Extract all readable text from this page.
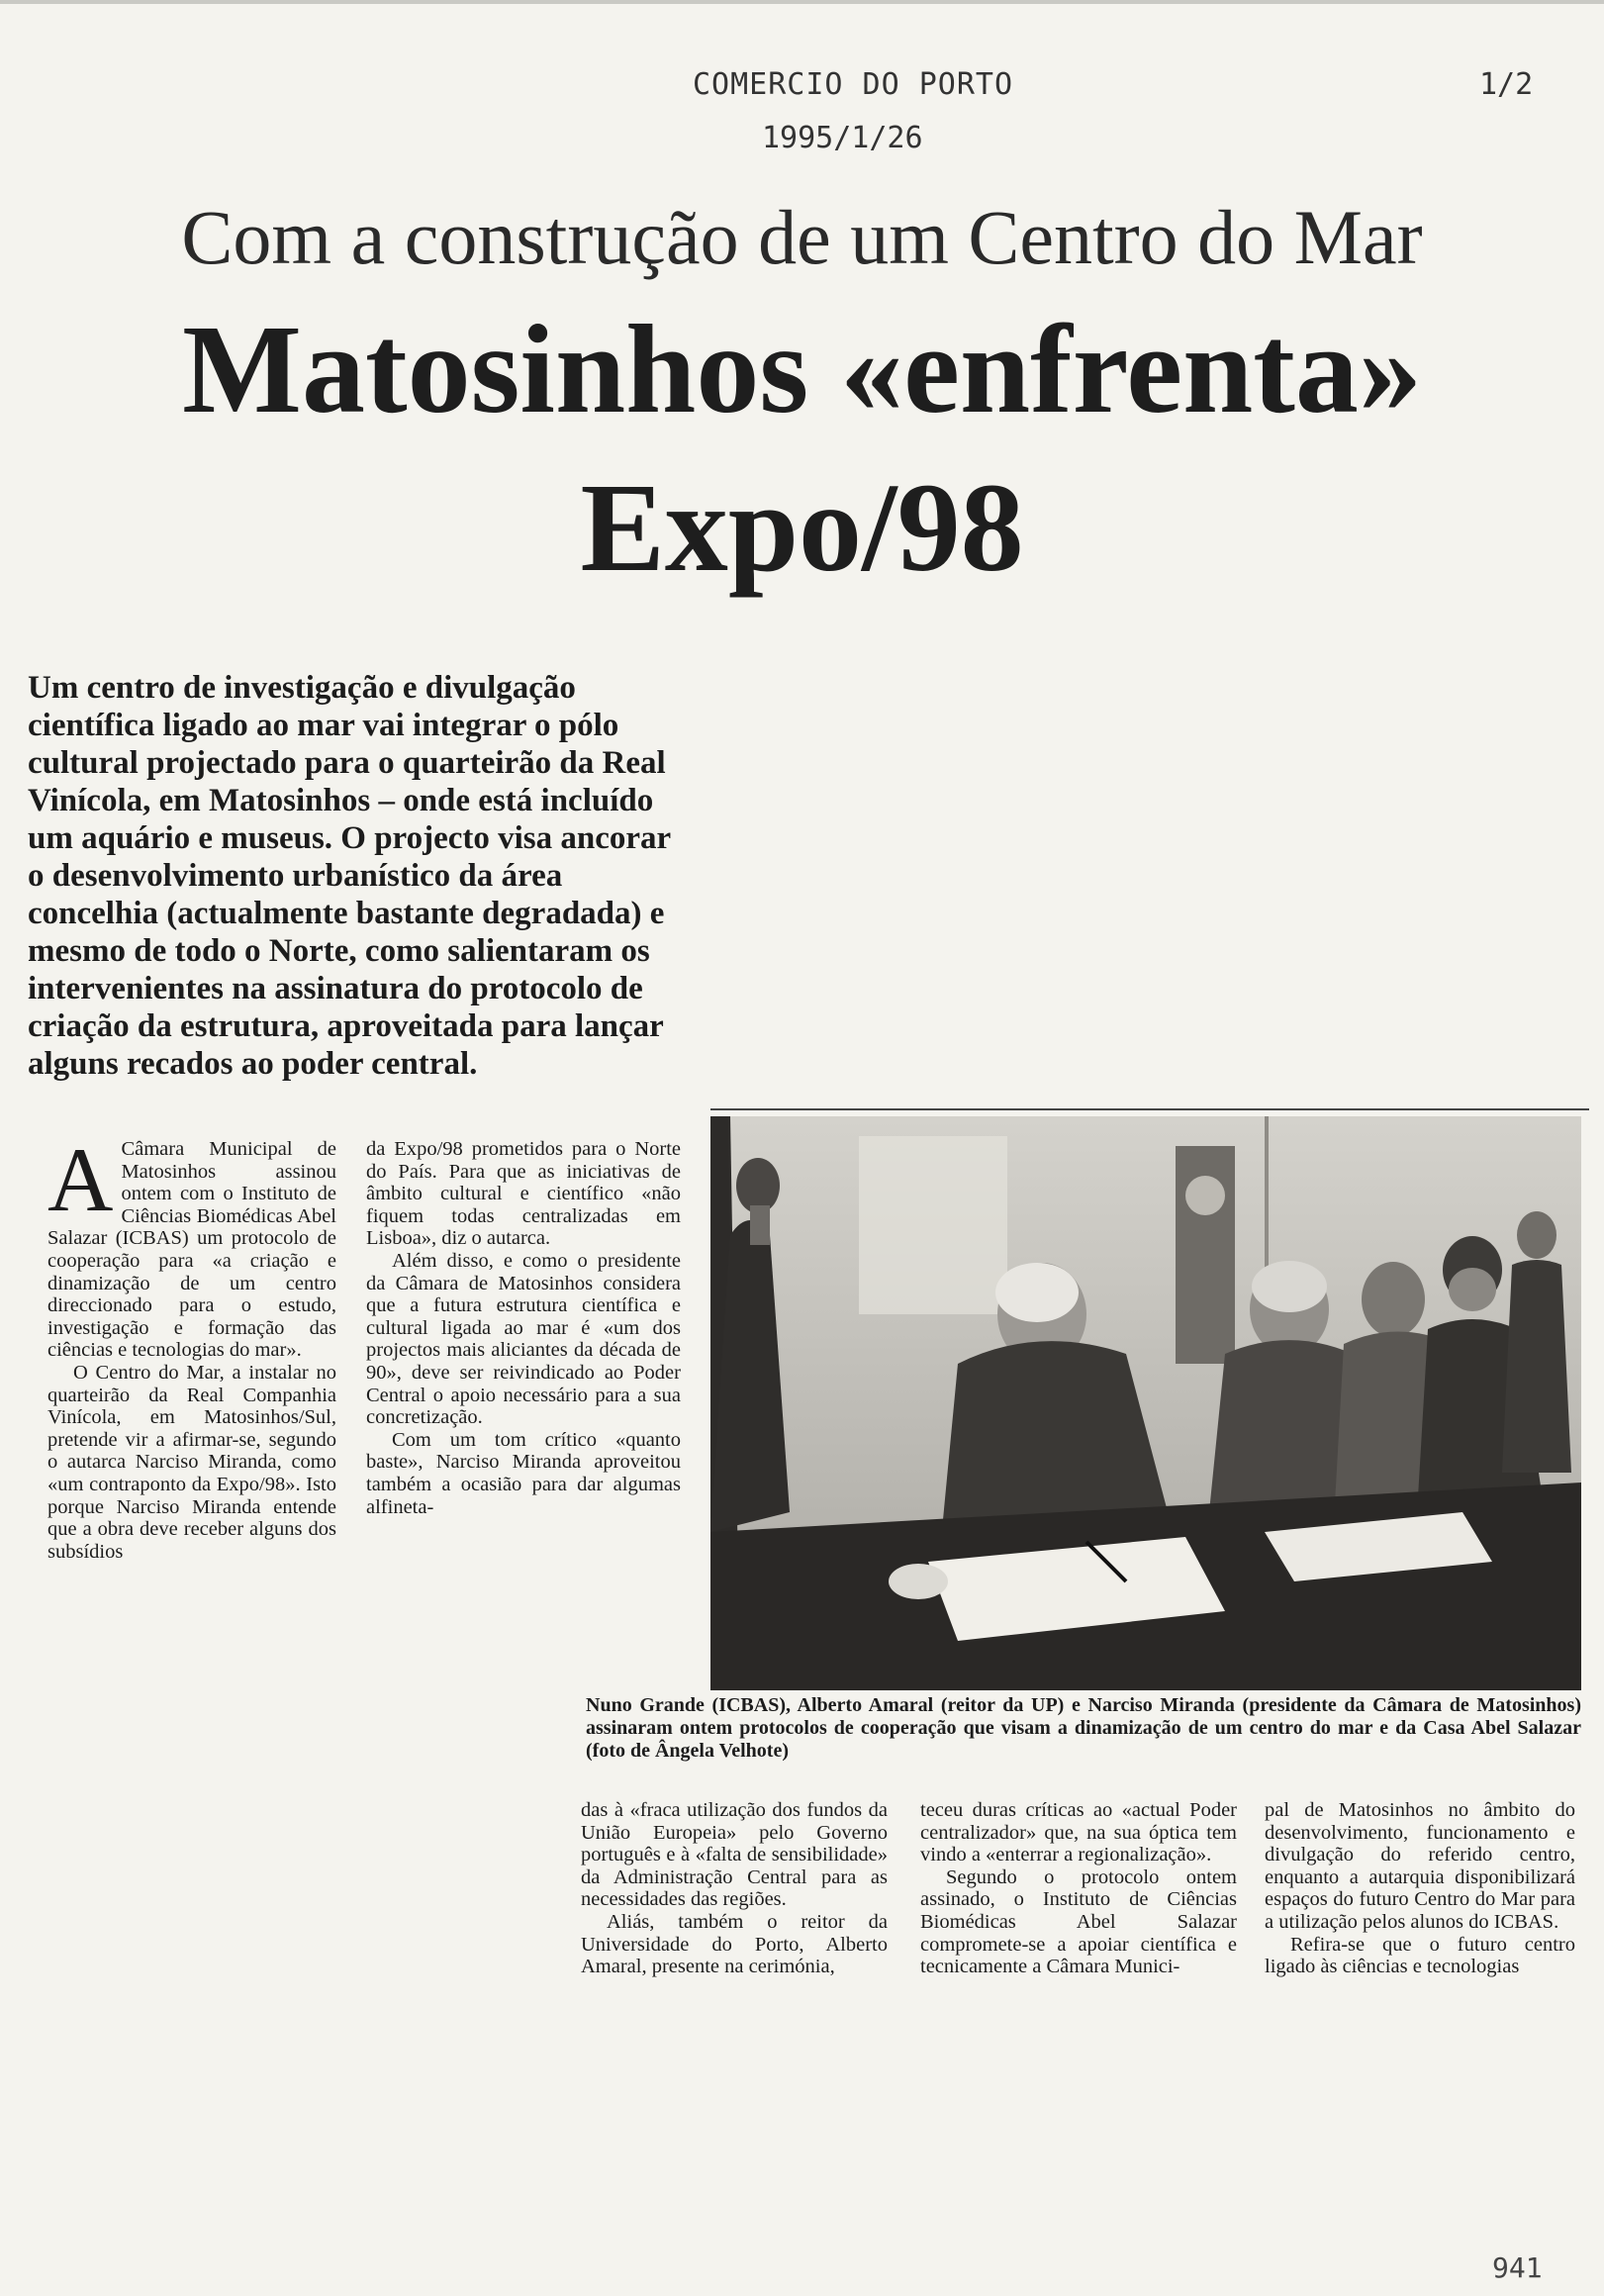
COMERCIO DO PORTO	1/2
1995/1/26
Com a construção de um Centro do Mar
Matosinhos «enfrenta»
Expo/98
Um centro de investigação e divulgação científica ligado ao mar vai integrar o pólo cultural projectado para o quarteirão da Real Vinícola, em Matosinhos – onde está incluído um aquário e museus. O projecto visa ancorar o desenvolvimento urbanístico da área concelhia (actualmente bastante degradada) e mesmo de todo o Norte, como salientaram os intervenientes na assinatura do protocolo de criação da estrutura, aproveitada para lançar alguns recados ao poder central.

A Câmara Municipal de Matosinhos assinou ontem com o Instituto de Ciências Biomédicas Abel Salazar (ICBAS) um protocolo de cooperação para «a criação e dinamização de um centro direccionado para o estudo, investigação e formação das ciências e tecnologias do mar».

O Centro do Mar, a instalar no quarteirão da Real Companhia Vinícola, em Matosinhos/Sul, pretende vir a afirmar-se, segundo o autarca Narciso Miranda, como «um contraponto da Expo/98». Isto porque Narciso Miranda entende que a obra deve receber alguns dos subsídios

da Expo/98 prometidos para o Norte do País. Para que as iniciativas de âmbito cultural e científico «não fiquem todas centralizadas em Lisboa», diz o autarca.

Além disso, e como o presidente da Câmara de Matosinhos considera que a futura estrutura científica e cultural ligada ao mar é «um dos projectos mais aliciantes da década de 90», deve ser reivindicado ao Poder Central o apoio necessário para a sua concretização.

Com um tom crítico «quanto baste», Narciso Miranda aproveitou também a ocasião para dar algumas alfineta-

Nuno Grande (ICBAS), Alberto Amaral (reitor da UP) e Narciso Miranda (presidente da Câmara de Matosinhos) assinaram ontem protocolos de cooperação que visam a dinamização de um centro do mar e da Casa Abel Salazar (foto de Ângela Velhote)

das à «fraca utilização dos fundos da União Europeia» pelo Governo português e à «falta de sensibilidade» da Administração Central para as necessidades das regiões.

Aliás, também o reitor da Universidade do Porto, Alberto Amaral, presente na cerimónia,

teceu duras críticas ao «actual Poder centralizador» que, na sua óptica tem vindo a «enterrar a regionalização».

Segundo o protocolo ontem assinado, o Instituto de Ciências Biomédicas Abel Salazar compromete-se a apoiar científica e tecnicamente a Câmara Munici-

pal de Matosinhos no âmbito do desenvolvimento, funcionamento e divulgação do referido centro, enquanto a autarquia disponibilizará espaços do futuro Centro do Mar para a utilização pelos alunos do ICBAS.

Refira-se que o futuro centro ligado às ciências e tecnologias

941
